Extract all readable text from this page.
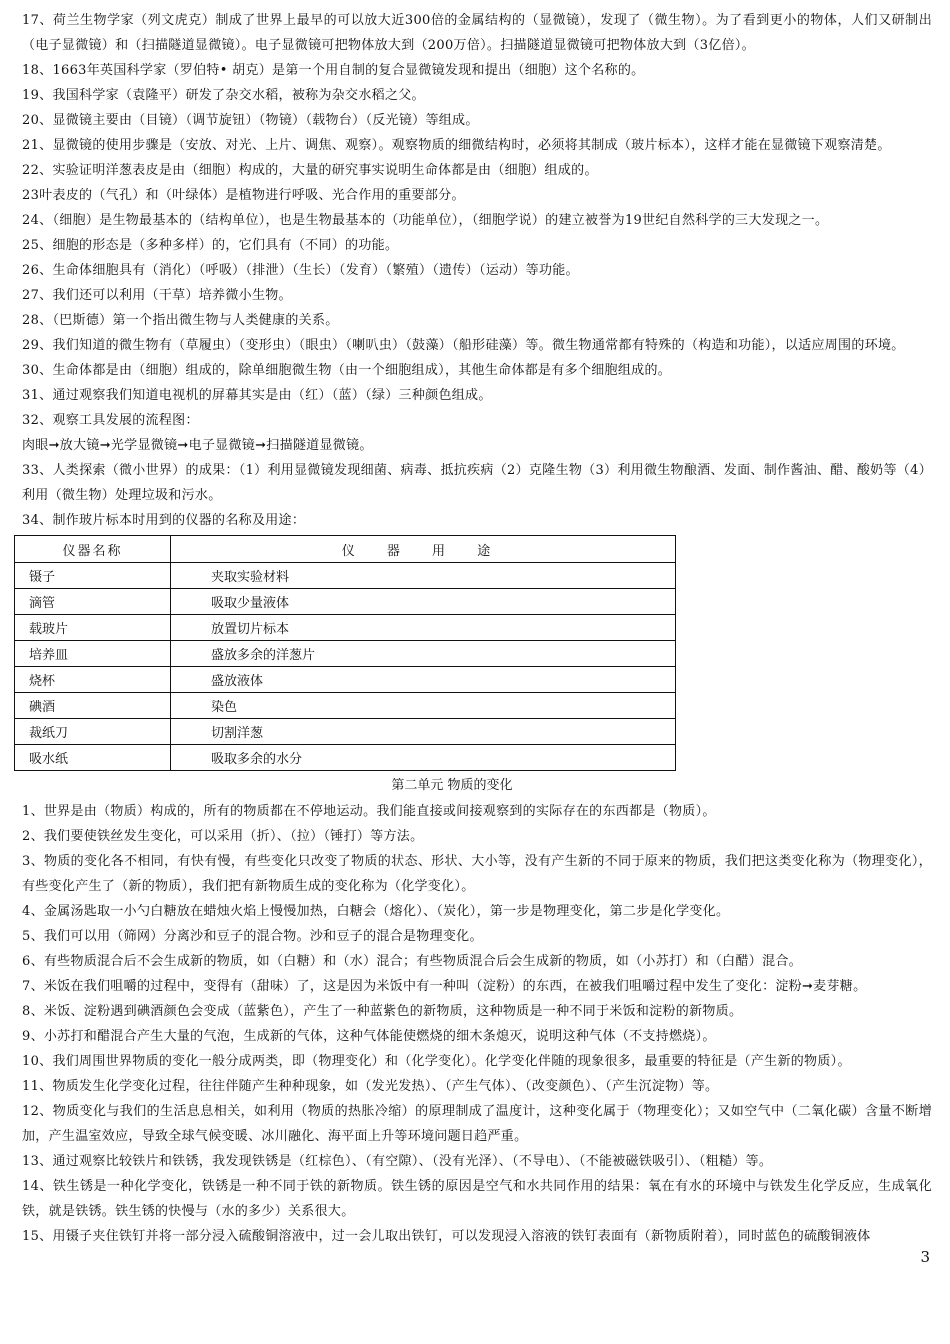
17、荷兰生物学家（列文虎克）制成了世界上最早的可以放大近300倍的金属结构的（显微镜），发现了（微生物）。为了看到更小的物体，人们又研制出（电子显微镜）和（扫描隧道显微镜）。电子显微镜可把物体放大到（200万倍）。扫描隧道显微镜可把物体放大到（3亿倍）。

18、1663年英国科学家（罗伯特• 胡克）是第一个用自制的复合显微镜发现和提出（细胞）这个名称的。

19、我国科学家（袁隆平）研发了杂交水稻，被称为杂交水稻之父。

20、显微镜主要由（目镜）（调节旋钮）（物镜）（载物台）（反光镜）等组成。

21、显微镜的使用步骤是（安放、对光、上片、调焦、观察）。观察物质的细微结构时，必须将其制成（玻片标本），这样才能在显微镜下观察清楚。

22、实验证明洋葱表皮是由（细胞）构成的，大量的研究事实说明生命体都是由（细胞）组成的。

23叶表皮的（气孔）和（叶绿体）是植物进行呼吸、光合作用的重要部分。

24、（细胞）是生物最基本的（结构单位），也是生物最基本的（功能单位），（细胞学说）的建立被誉为19世纪自然科学的三大发现之一。

25、细胞的形态是（多种多样）的，它们具有（不同）的功能。

26、生命体细胞具有（消化）（呼吸）（排泄）（生长）（发育）（繁殖）（遗传）（运动）等功能。

27、我们还可以利用（干草）培养微小生物。

28、（巴斯德）第一个指出微生物与人类健康的关系。

29、我们知道的微生物有（草履虫）（变形虫）（眼虫）（喇叭虫）（鼓藻）（船形硅藻）等。微生物通常都有特殊的（构造和功能），以适应周围的环境。

30、生命体都是由（细胞）组成的，除单细胞微生物（由一个细胞组成），其他生命体都是有多个细胞组成的。

31、通过观察我们知道电视机的屏幕其实是由（红）（蓝）（绿）三种颜色组成。

32、观察工具发展的流程图：

肉眼➞放大镜➞光学显微镜➞电子显微镜➞扫描隧道显微镜。

33、人类探索（微小世界）的成果：（1）利用显微镜发现细菌、病毒、抵抗疾病（2）克隆生物（3）利用微生物酿酒、发面、制作酱油、醋、酸奶等（4）利用（微生物）处理垃圾和污水。

34、制作玻片标本时用到的仪器的名称及用途：

仪器名称	仪 器 用 途
镊子	夹取实验材料
滴管	吸取少量液体
载玻片	放置切片标本
培养皿	盛放多余的洋葱片
烧杯	盛放液体
碘酒	染色
裁纸刀	切割洋葱
吸水纸	吸取多余的水分

第二单元 物质的变化

1、世界是由（物质）构成的，所有的物质都在不停地运动。我们能直接或间接观察到的实际存在的东西都是（物质）。

2、我们要使铁丝发生变化，可以采用（折）、（拉）（锤打）等方法。

3、物质的变化各不相同，有快有慢，有些变化只改变了物质的状态、形状、大小等，没有产生新的不同于原来的物质，我们把这类变化称为（物理变化），有些变化产生了（新的物质），我们把有新物质生成的变化称为（化学变化）。

4、金属汤匙取一小勺白糖放在蜡烛火焰上慢慢加热，白糖会（熔化）、（炭化），第一步是物理变化，第二步是化学变化。

5、我们可以用（筛网）分离沙和豆子的混合物。沙和豆子的混合是物理变化。

6、有些物质混合后不会生成新的物质，如（白糖）和（水）混合；有些物质混合后会生成新的物质，如（小苏打）和（白醋）混合。

7、米饭在我们咀嚼的过程中，变得有（甜味）了，这是因为米饭中有一种叫（淀粉）的东西，在被我们咀嚼过程中发生了变化：淀粉➞麦芽糖。

8、米饭、淀粉遇到碘酒颜色会变成（蓝紫色），产生了一种蓝紫色的新物质，这种物质是一种不同于米饭和淀粉的新物质。

9、小苏打和醋混合产生大量的气泡，生成新的气体，这种气体能使燃烧的细木条熄灭，说明这种气体（不支持燃烧）。

10、我们周围世界物质的变化一般分成两类，即（物理变化）和（化学变化）。化学变化伴随的现象很多，最重要的特征是（产生新的物质）。

11、物质发生化学变化过程，往往伴随产生种种现象，如（发光发热）、（产生气体）、（改变颜色）、（产生沉淀物）等。

12、物质变化与我们的生活息息相关，如利用（物质的热胀冷缩）的原理制成了温度计，这种变化属于（物理变化）；又如空气中（二氧化碳）含量不断增加，产生温室效应，导致全球气候变暖、冰川融化、海平面上升等环境问题日趋严重。

13、通过观察比较铁片和铁锈，我发现铁锈是（红棕色）、（有空隙）、（没有光泽）、（不导电）、（不能被磁铁吸引）、（粗糙）等。

14、铁生锈是一种化学变化，铁锈是一种不同于铁的新物质。铁生锈的原因是空气和水共同作用的结果：氧在有水的环境中与铁发生化学反应，生成氧化铁，就是铁锈。铁生锈的快慢与（水的多少）关系很大。

15、用镊子夹住铁钉并将一部分浸入硫酸铜溶液中，过一会儿取出铁钉，可以发现浸入溶液的铁钉表面有（新物质附着），同时蓝色的硫酸铜液体

3
